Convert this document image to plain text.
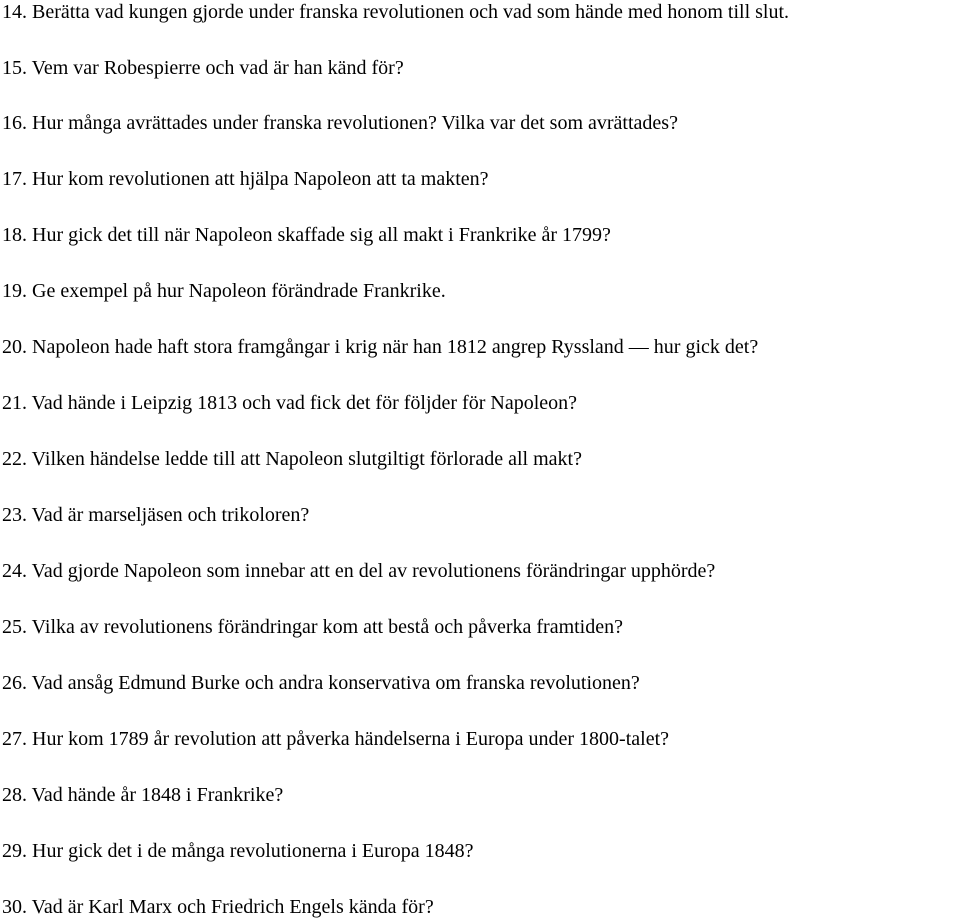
14. Berätta vad kungen gjorde under franska revolutionen och vad som hände med honom till slut.

15. Vem var Robespierre och vad är han känd för?

16. Hur många avrättades under franska revolutionen? Vilka var det som avrättades?

17. Hur kom revolutionen att hjälpa Napoleon att ta makten?

18. Hur gick det till när Napoleon skaffade sig all makt i Frankrike år 1799?

19. Ge exempel på hur Napoleon förändrade Frankrike.

20. Napoleon hade haft stora framgångar i krig när han 1812 angrep Ryssland — hur gick det?

21. Vad hände i Leipzig 1813 och vad fick det för följder för Napoleon?

22. Vilken händelse ledde till att Napoleon slutgiltigt förlorade all makt?

23. Vad är marseljäsen och trikoloren?

24. Vad gjorde Napoleon som innebar att en del av revolutionens förändringar upphörde?

25. Vilka av revolutionens förändringar kom att bestå och påverka framtiden?

26. Vad ansåg Edmund Burke och andra konservativa om franska revolutionen?

27. Hur kom 1789 år revolution att påverka händelserna i Europa under 1800-talet?

28. Vad hände år 1848 i Frankrike?

29. Hur gick det i de många revolutionerna i Europa 1848?

30. Vad är Karl Marx och Friedrich Engels kända för?
